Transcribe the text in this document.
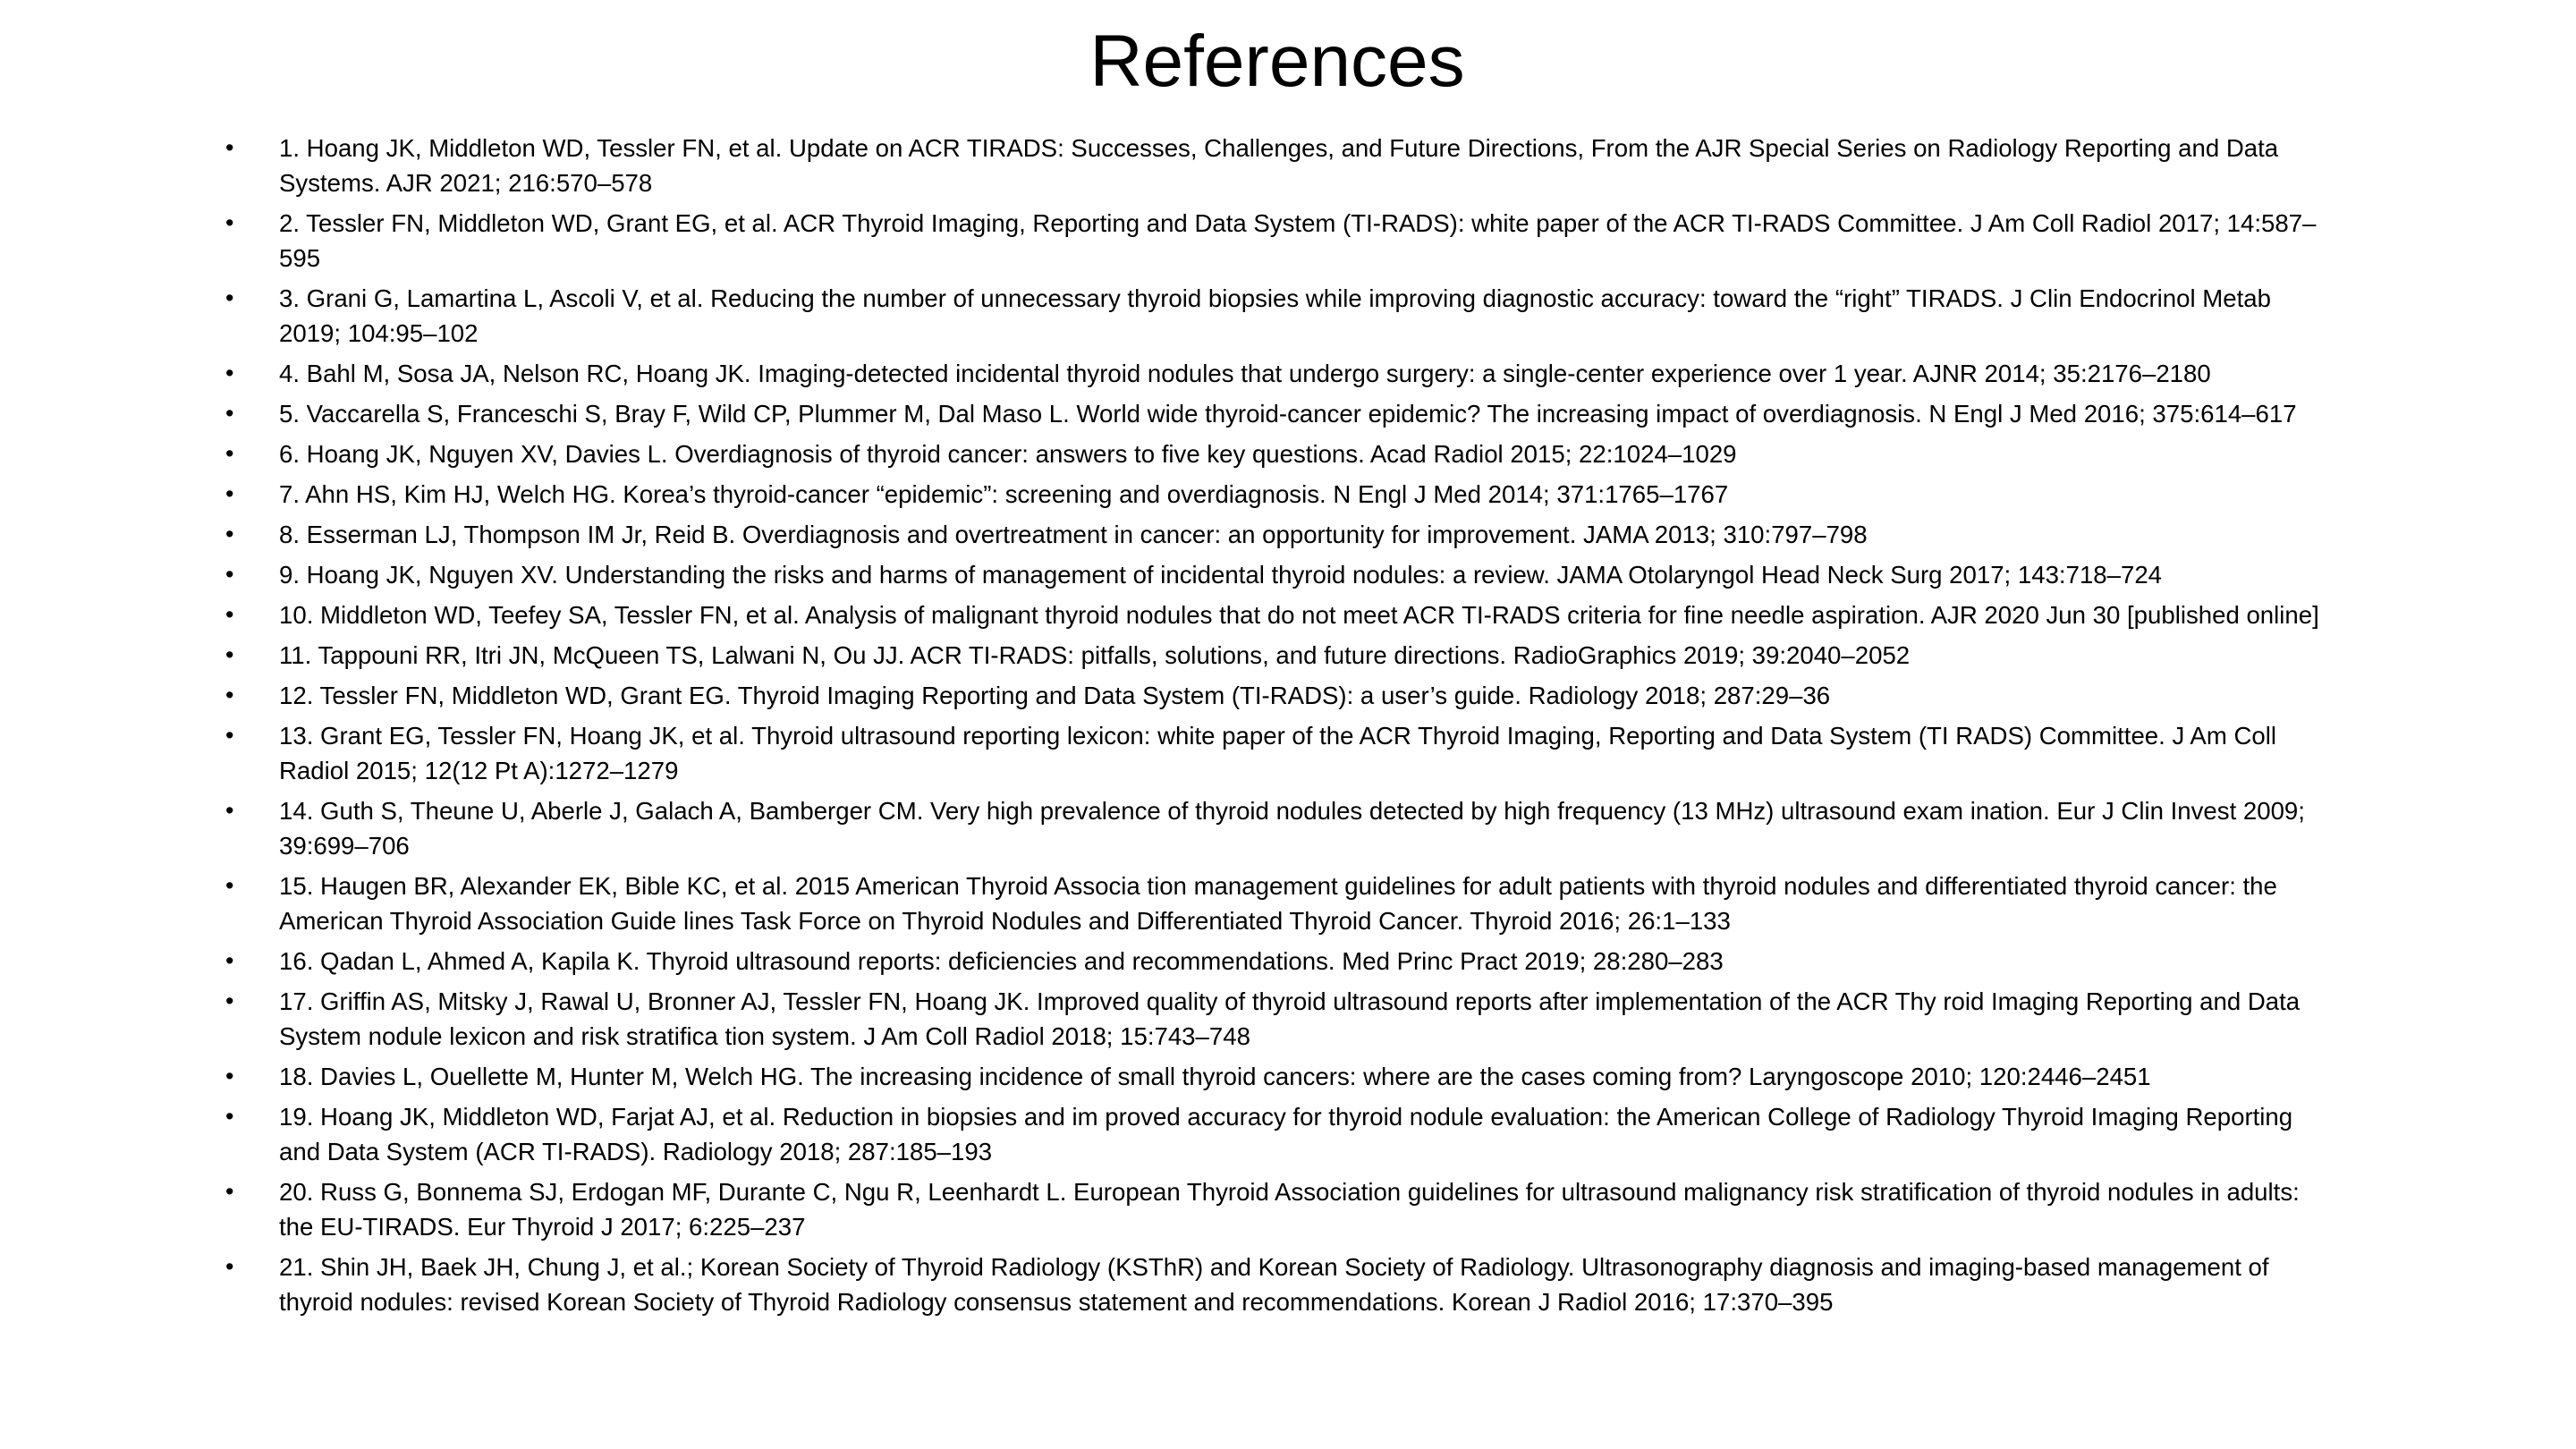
References
• 1. Hoang JK, Middleton WD, Tessler FN, et al. Update on ACR TIRADS: Successes, Challenges, and Future Directions, From the AJR Special Series on Radiology Reporting and Data Systems. AJR 2021; 216:570–578
• 2. Tessler FN, Middleton WD, Grant EG, et al. ACR Thyroid Imaging, Reporting and Data System (TI-RADS): white paper of the ACR TI-RADS Committee. J Am Coll Radiol 2017; 14:587–595
• 3. Grani G, Lamartina L, Ascoli V, et al. Reducing the number of unnecessary thyroid biopsies while improving diagnostic accuracy: toward the “right” TIRADS. J Clin Endocrinol Metab 2019; 104:95–102
• 4. Bahl M, Sosa JA, Nelson RC, Hoang JK. Imaging-detected incidental thyroid nodules that undergo surgery: a single-center experience over 1 year. AJNR 2014; 35:2176–2180
• 5. Vaccarella S, Franceschi S, Bray F, Wild CP, Plummer M, Dal Maso L. World wide thyroid-cancer epidemic? The increasing impact of overdiagnosis. N Engl J Med 2016; 375:614–617
• 6. Hoang JK, Nguyen XV, Davies L. Overdiagnosis of thyroid cancer: answers to five key questions. Acad Radiol 2015; 22:1024–1029
• 7. Ahn HS, Kim HJ, Welch HG. Korea’s thyroid-cancer “epidemic”: screening and overdiagnosis. N Engl J Med 2014; 371:1765–1767
• 8. Esserman LJ, Thompson IM Jr, Reid B. Overdiagnosis and overtreatment in cancer: an opportunity for improvement. JAMA 2013; 310:797–798
• 9. Hoang JK, Nguyen XV. Understanding the risks and harms of management of incidental thyroid nodules: a review. JAMA Otolaryngol Head Neck Surg 2017; 143:718–724
• 10. Middleton WD, Teefey SA, Tessler FN, et al. Analysis of malignant thyroid nodules that do not meet ACR TI-RADS criteria for fine needle aspiration. AJR 2020 Jun 30 [published online]
• 11. Tappouni RR, Itri JN, McQueen TS, Lalwani N, Ou JJ. ACR TI-RADS: pitfalls, solutions, and future directions. RadioGraphics 2019; 39:2040–2052
• 12. Tessler FN, Middleton WD, Grant EG. Thyroid Imaging Reporting and Data System (TI-RADS): a user’s guide. Radiology 2018; 287:29–36
• 13. Grant EG, Tessler FN, Hoang JK, et al. Thyroid ultrasound reporting lexicon: white paper of the ACR Thyroid Imaging, Reporting and Data System (TI RADS) Committee. J Am Coll Radiol 2015; 12(12 Pt A):1272–1279
• 14. Guth S, Theune U, Aberle J, Galach A, Bamberger CM. Very high prevalence of thyroid nodules detected by high frequency (13 MHz) ultrasound exam ination. Eur J Clin Invest 2009; 39:699–706
• 15. Haugen BR, Alexander EK, Bible KC, et al. 2015 American Thyroid Associa tion management guidelines for adult patients with thyroid nodules and differentiated thyroid cancer: the American Thyroid Association Guide lines Task Force on Thyroid Nodules and Differentiated Thyroid Cancer. Thyroid 2016; 26:1–133
• 16. Qadan L, Ahmed A, Kapila K. Thyroid ultrasound reports: deficiencies and recommendations. Med Princ Pract 2019; 28:280–283
• 17. Griffin AS, Mitsky J, Rawal U, Bronner AJ, Tessler FN, Hoang JK. Improved quality of thyroid ultrasound reports after implementation of the ACR Thy roid Imaging Reporting and Data System nodule lexicon and risk stratifica tion system. J Am Coll Radiol 2018; 15:743–748
• 18. Davies L, Ouellette M, Hunter M, Welch HG. The increasing incidence of small thyroid cancers: where are the cases coming from? Laryngoscope 2010; 120:2446–2451
• 19. Hoang JK, Middleton WD, Farjat AJ, et al. Reduction in biopsies and im proved accuracy for thyroid nodule evaluation: the American College of Radiology Thyroid Imaging Reporting and Data System (ACR TI-RADS). Radiology 2018; 287:185–193
• 20. Russ G, Bonnema SJ, Erdogan MF, Durante C, Ngu R, Leenhardt L. European Thyroid Association guidelines for ultrasound malignancy risk stratification of thyroid nodules in adults: the EU-TIRADS. Eur Thyroid J 2017; 6:225–237
• 21. Shin JH, Baek JH, Chung J, et al.; Korean Society of Thyroid Radiology (KSThR) and Korean Society of Radiology. Ultrasonography diagnosis and imaging-based management of thyroid nodules: revised Korean Society of Thyroid Radiology consensus statement and recommendations. Korean J Radiol 2016; 17:370–395
